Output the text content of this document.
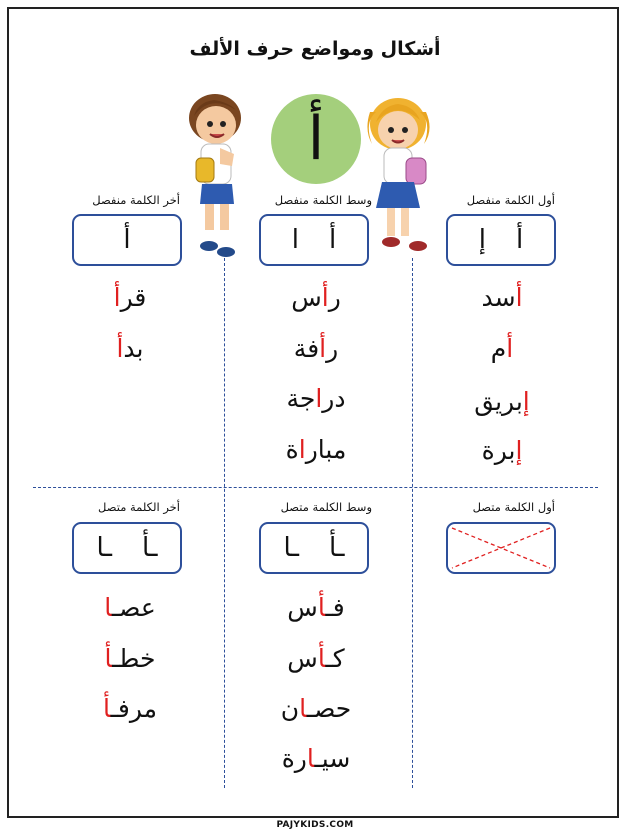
أشكال ومواضع حرف الألف
أ
أول الكلمة منفصل
وسط الكلمة منفصل
أخر الكلمة منفصل
أ
إ
أ
ا
أ
أسد
أم
إبريق
إبرة
رأس
رأفة
دراجة
مباراة
قرأ
بدأ
أول الكلمة متصل
وسط الكلمة متصل
أخر الكلمة متصل
ـأ
ـا
ـأ
ـا
فـأس
كـأس
حصـان
سيـارة
عصـا
خطـأ
مرفـأ
PAJYKIDS.COM
